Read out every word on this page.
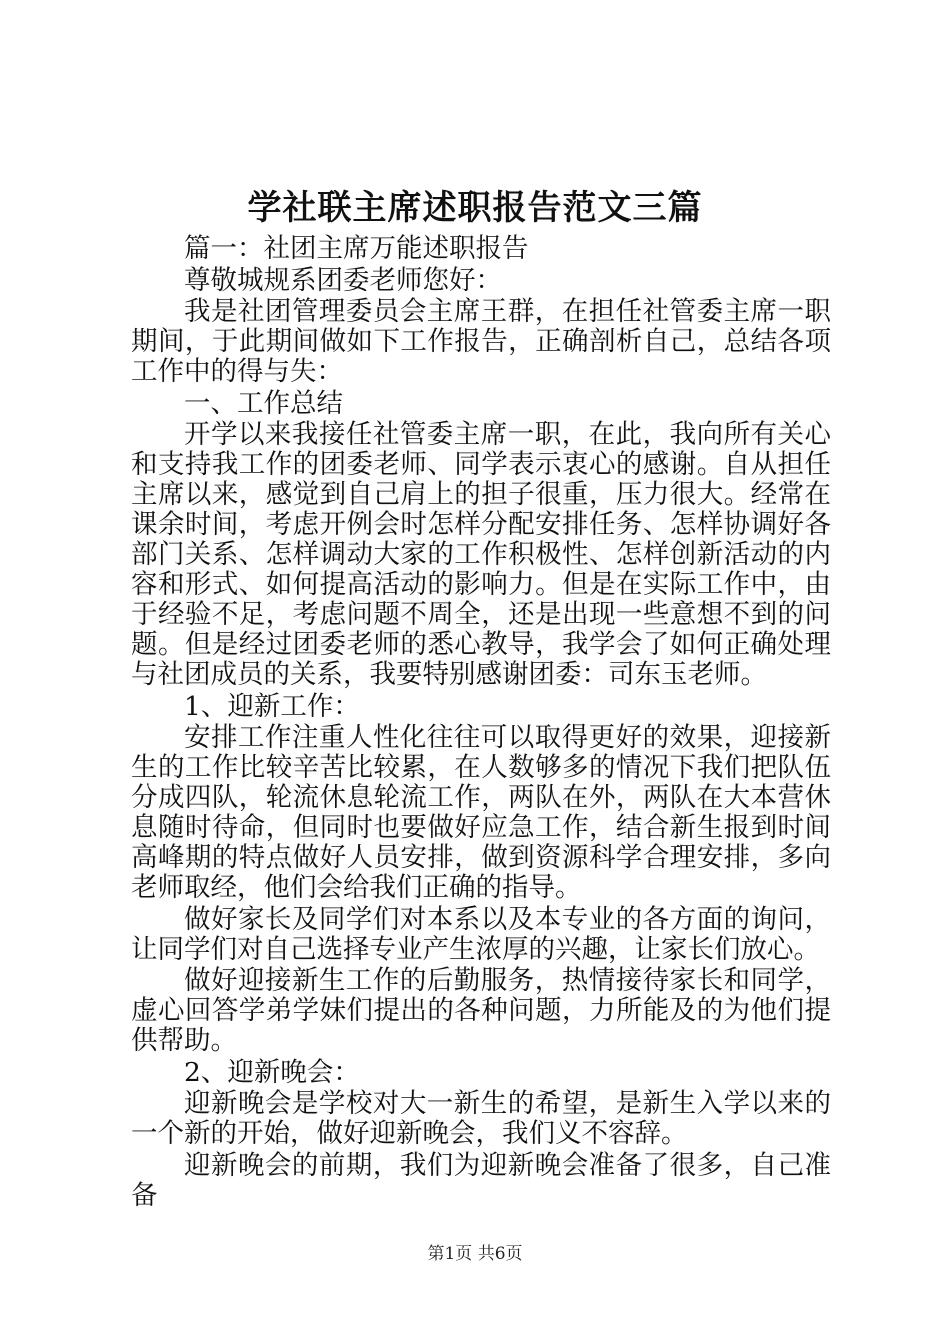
学社联主席述职报告范文三篇

篇一：社团主席万能述职报告

尊敬城规系团委老师您好：

我是社团管理委员会主席王群，在担任社管委主席一职期间，于此期间做如下工作报告，正确剖析自己，总结各项工作中的得与失：

一、工作总结

开学以来我接任社管委主席一职，在此，我向所有关心和支持我工作的团委老师、同学表示衷心的感谢。自从担任主席以来，感觉到自己肩上的担子很重，压力很大。经常在课余时间，考虑开例会时怎样分配安排任务、怎样协调好各部门关系、怎样调动大家的工作积极性、怎样创新活动的内容和形式、如何提高活动的影响力。但是在实际工作中，由于经验不足，考虑问题不周全，还是出现一些意想不到的问题。但是经过团委老师的悉心教导，我学会了如何正确处理与社团成员的关系，我要特别感谢团委：司东玉老师。

1、迎新工作：

安排工作注重人性化往往可以取得更好的效果，迎接新生的工作比较辛苦比较累，在人数够多的情况下我们把队伍分成四队，轮流休息轮流工作，两队在外，两队在大本营休息随时待命，但同时也要做好应急工作，结合新生报到时间高峰期的特点做好人员安排，做到资源科学合理安排，多向老师取经，他们会给我们正确的指导。

做好家长及同学们对本系以及本专业的各方面的询问，让同学们对自己选择专业产生浓厚的兴趣，让家长们放心。

做好迎接新生工作的后勤服务，热情接待家长和同学，虚心回答学弟学妹们提出的各种问题，力所能及的为他们提供帮助。

2、迎新晚会：

迎新晚会是学校对大一新生的希望，是新生入学以来的一个新的开始，做好迎新晚会，我们义不容辞。

迎新晚会的前期，我们为迎新晚会准备了很多，自己准备

第1页 共6页
